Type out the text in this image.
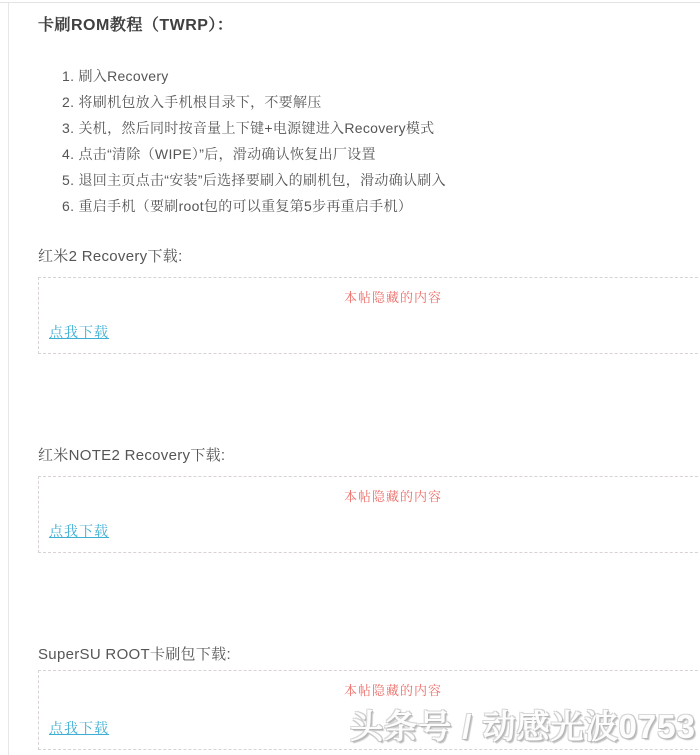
卡刷ROM教程（TWRP）：
1. 刷入Recovery
2. 将刷机包放入手机根目录下，不要解压
3. 关机，然后同时按音量上下键+电源键进入Recovery模式
4. 点击“清除（WIPE）”后，滑动确认恢复出厂设置
5. 退回主页点击“安装”后选择要刷入的刷机包，滑动确认刷入
6. 重启手机（要刷root包的可以重复第5步再重启手机）
红米2 Recovery下载:
本帖隐藏的内容
点我下载
红米NOTE2 Recovery下载:
本帖隐藏的内容
点我下载
SuperSU ROOT卡刷包下载:
本帖隐藏的内容
点我下载	头条号 / 动感光波0753
